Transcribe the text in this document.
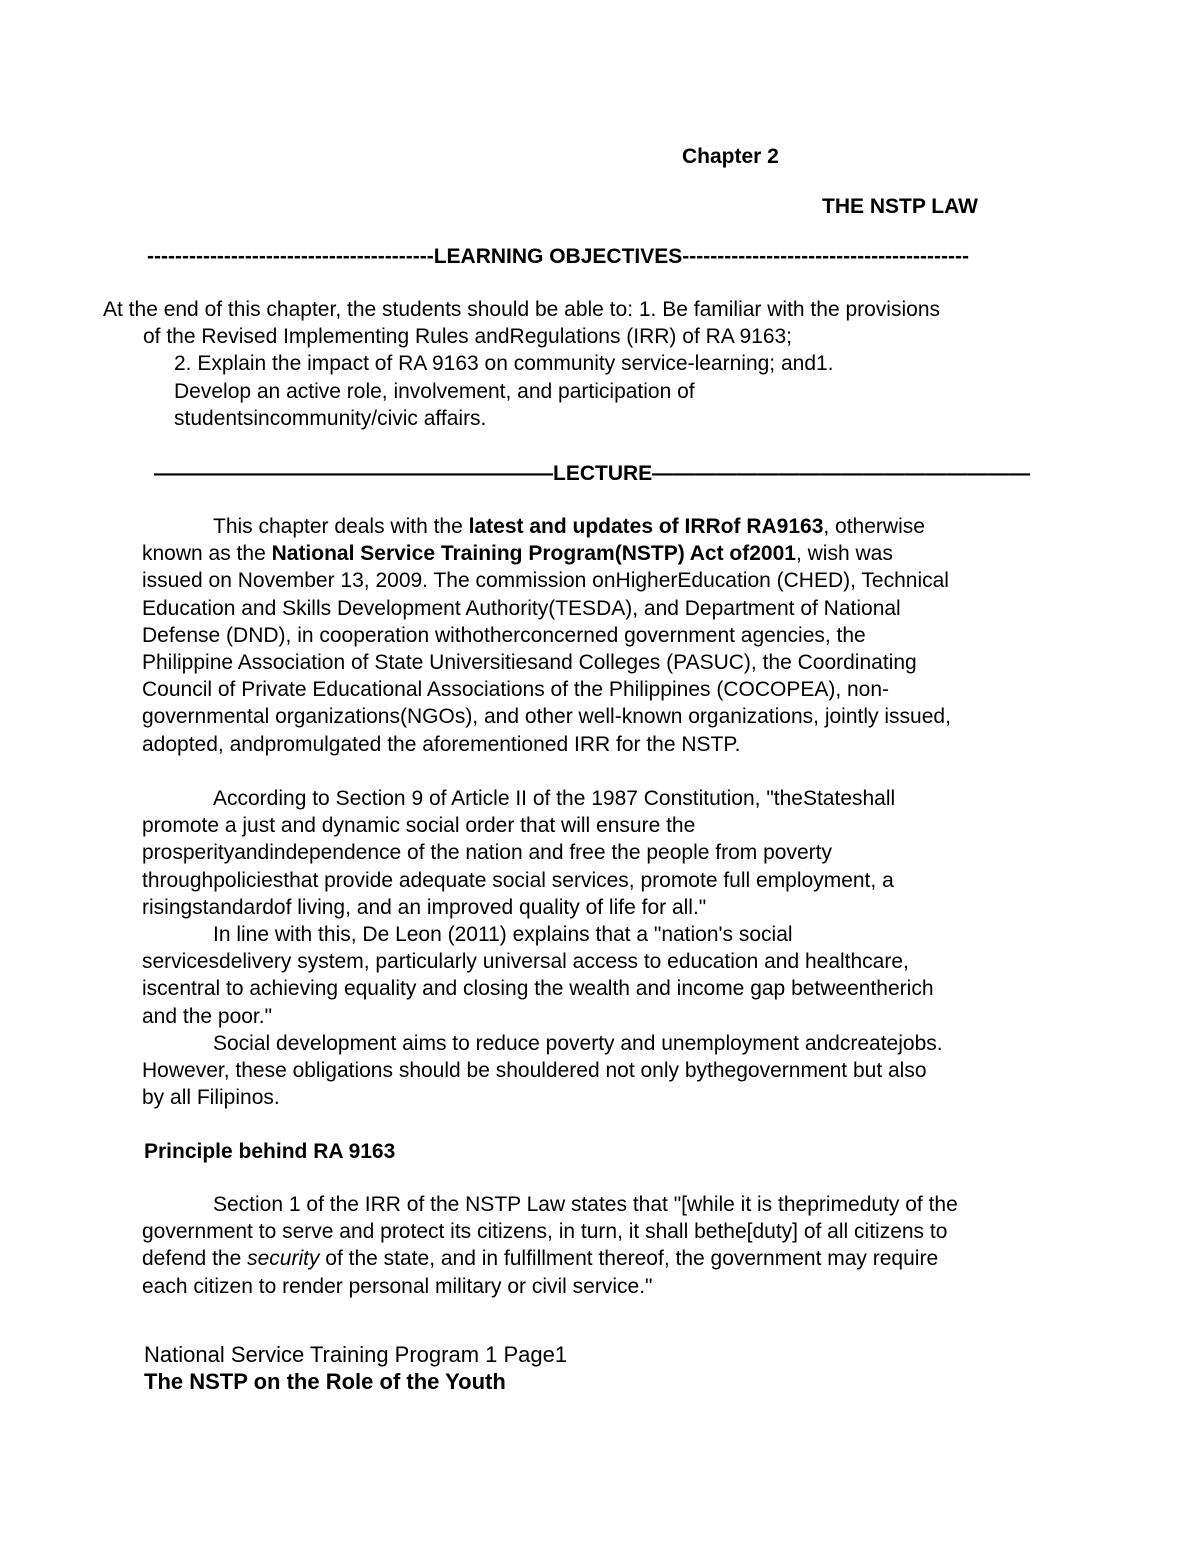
Chapter 2
THE NSTP LAW
-----------------------------------------LEARNING OBJECTIVES-----------------------------------------
At the end of this chapter, the students should be able to: 1. Be familiar with the provisions
of the Revised Implementing Rules andRegulations (IRR) of RA 9163;
2. Explain the impact of RA 9163 on community service-learning; and1.
Develop an active role, involvement, and participation of
studentsincommunity/civic affairs.
———————————————————LECTURE——————————————————
This chapter deals with the latest and updates of IRRof RA9163, otherwise
known as the National Service Training Program(NSTP) Act of2001, wish was
issued on November 13, 2009. The commission onHigherEducation (CHED), Technical
Education and Skills Development Authority(TESDA), and Department of National
Defense (DND), in cooperation withotherconcerned government agencies, the
Philippine Association of State Universitiesand Colleges (PASUC), the Coordinating
Council of Private Educational Associations of the Philippines (COCOPEA), non-
governmental organizations(NGOs), and other well-known organizations, jointly issued,
adopted, andpromulgated the aforementioned IRR for the NSTP.
According to Section 9 of Article II of the 1987 Constitution, "theStateshall
promote a just and dynamic social order that will ensure the
prosperityandindependence of the nation and free the people from poverty
throughpoliciesthat provide adequate social services, promote full employment, a
risingstandardof living, and an improved quality of life for all."
In line with this, De Leon (2011) explains that a "nation's social
servicesdelivery system, particularly universal access to education and healthcare,
iscentral to achieving equality and closing the wealth and income gap betweentherich
and the poor."
Social development aims to reduce poverty and unemployment andcreatejobs.
However, these obligations should be shouldered not only bythegovernment but also
by all Filipinos.
Principle behind RA 9163
Section 1 of the IRR of the NSTP Law states that "[while it is theprimeduty of the
government to serve and protect its citizens, in turn, it shall bethe[duty] of all citizens to
defend the security of the state, and in fulfillment thereof, the government may require
each citizen to render personal military or civil service."
National Service Training Program 1 Page1
The NSTP on the Role of the Youth
